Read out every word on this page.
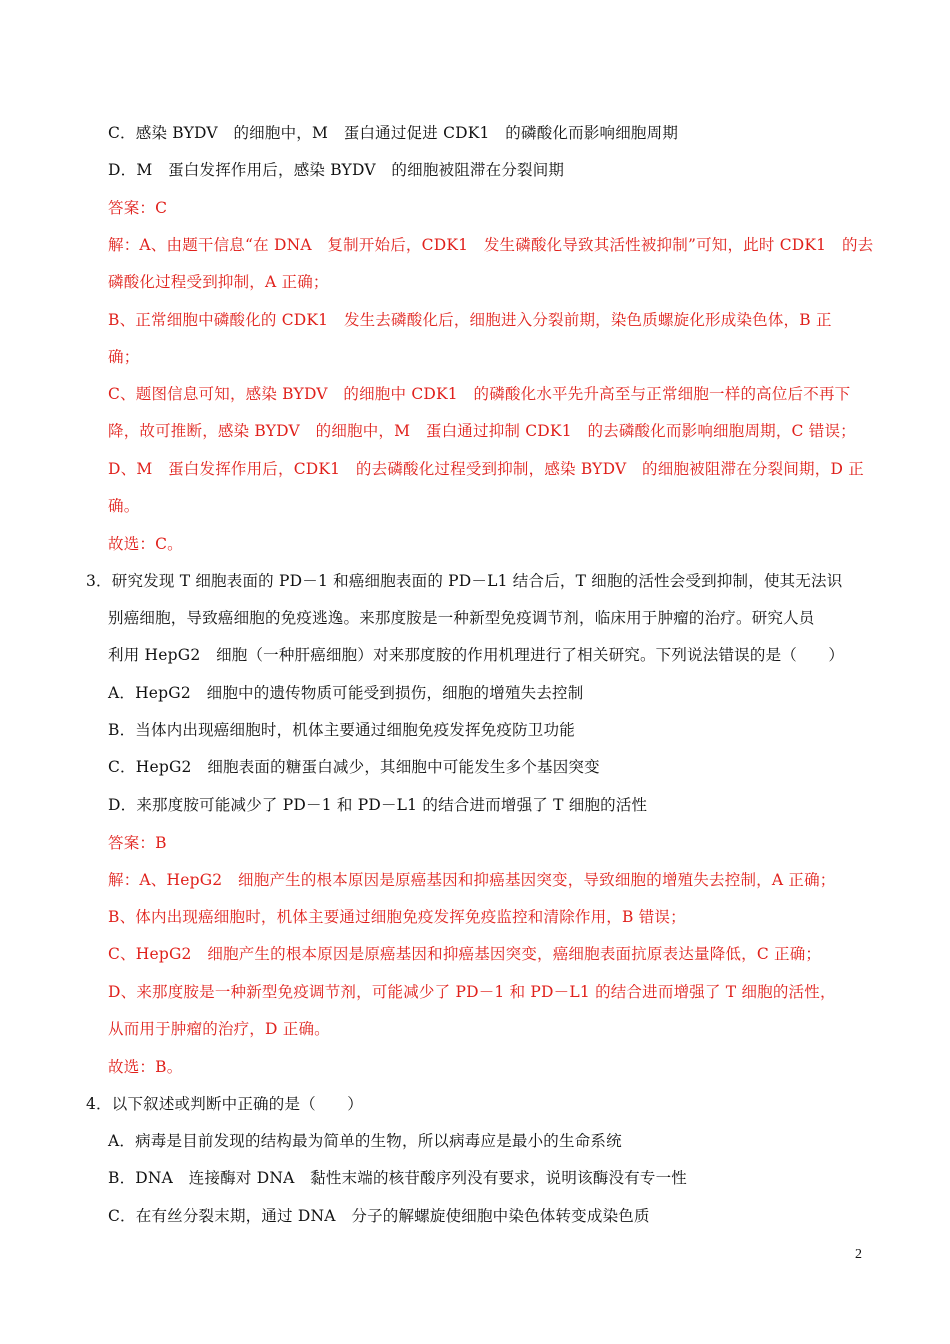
C．感染 BYDV　的细胞中，M　蛋白通过促进 CDK1　的磷酸化而影响细胞周期
D．M　蛋白发挥作用后，感染 BYDV　的细胞被阻滞在分裂间期
答案：C
解：A、由题干信息“在 DNA　复制开始后，CDK1　发生磷酸化导致其活性被抑制”可知，此时 CDK1　的去
磷酸化过程受到抑制，A 正确；
B、正常细胞中磷酸化的 CDK1　发生去磷酸化后，细胞进入分裂前期，染色质螺旋化形成染色体，B 正
确；
C、题图信息可知，感染 BYDV　的细胞中 CDK1　的磷酸化水平先升高至与正常细胞一样的高位后不再下
降，故可推断，感染 BYDV　的细胞中，M　蛋白通过抑制 CDK1　的去磷酸化而影响细胞周期，C 错误；
D、M　蛋白发挥作用后，CDK1　的去磷酸化过程受到抑制，感染 BYDV　的细胞被阻滞在分裂间期，D 正
确。
故选：C。
3．研究发现 T 细胞表面的 PD－1 和癌细胞表面的 PD－L1 结合后，T 细胞的活性会受到抑制，使其无法识
别癌细胞，导致癌细胞的免疫逃逸。来那度胺是一种新型免疫调节剂，临床用于肿瘤的治疗。研究人员
利用 HepG2　细胞（一种肝癌细胞）对来那度胺的作用机理进行了相关研究。下列说法错误的是（　　）
A．HepG2　细胞中的遗传物质可能受到损伤，细胞的增殖失去控制
B．当体内出现癌细胞时，机体主要通过细胞免疫发挥免疫防卫功能
C．HepG2　细胞表面的糖蛋白减少，其细胞中可能发生多个基因突变
D．来那度胺可能减少了 PD－1 和 PD－L1 的结合进而增强了 T 细胞的活性
答案：B
解：A、HepG2　细胞产生的根本原因是原癌基因和抑癌基因突变，导致细胞的增殖失去控制，A 正确；
B、体内出现癌细胞时，机体主要通过细胞免疫发挥免疫监控和清除作用，B 错误；
C、HepG2　细胞产生的根本原因是原癌基因和抑癌基因突变，癌细胞表面抗原表达量降低，C 正确；
D、来那度胺是一种新型免疫调节剂，可能减少了 PD－1 和 PD－L1 的结合进而增强了 T 细胞的活性，
从而用于肿瘤的治疗，D 正确。
故选：B。
4．以下叙述或判断中正确的是（　　）
A．病毒是目前发现的结构最为简单的生物，所以病毒应是最小的生命系统
B．DNA　连接酶对 DNA　黏性末端的核苷酸序列没有要求，说明该酶没有专一性
C．在有丝分裂末期，通过 DNA　分子的解螺旋使细胞中染色体转变成染色质
2
